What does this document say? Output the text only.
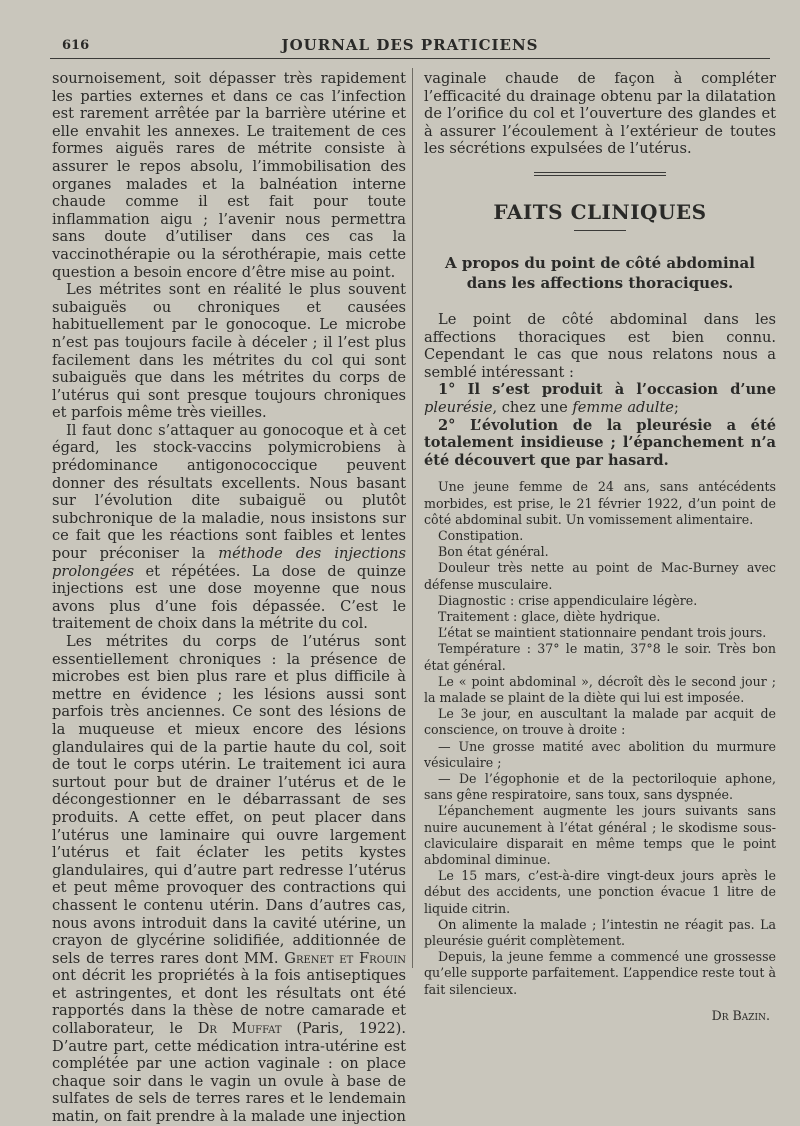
616	JOURNAL DES PRATICIENS

sournoisement, soit dépasser très rapidement les parties externes et dans ce cas l’infection est rarement arrêtée par la barrière utérine et elle envahit les annexes. Le traitement de ces formes aiguës rares de métrite consiste à assurer le repos absolu, l’immobilisation des organes malades et la balnéation interne chaude comme il est fait pour toute inflammation aigu ; l’avenir nous permettra sans doute d’utiliser dans ces cas la vaccinothérapie ou la sérothérapie, mais cette question a besoin encore d’être mise au point.

Les métrites sont en réalité le plus souvent subaiguës ou chroniques et causées habituellement par le gonocoque. Le microbe n’est pas toujours facile à déceler ; il l’est plus facilement dans les métrites du col qui sont subaiguës que dans les métrites du corps de l’utérus qui sont presque toujours chroniques et parfois même très vieilles.

Il faut donc s’attaquer au gonocoque et à cet égard, les stock-vaccins polymicrobiens à prédominance antigonococcique peuvent donner des résultats excellents. Nous basant sur l’évolution dite subaiguë ou plutôt subchronique de la maladie, nous insistons sur ce fait que les réactions sont faibles et lentes pour préconiser la méthode des injections prolongées et répétées. La dose de quinze injections est une dose moyenne que nous avons plus d’une fois dépassée. C’est le traitement de choix dans la métrite du col.

Les métrites du corps de l’utérus sont essentiellement chroniques : la présence de microbes est bien plus rare et plus difficile à mettre en évidence ; les lésions aussi sont parfois très anciennes. Ce sont des lésions de la muqueuse et mieux encore des lésions glandulaires qui de la partie haute du col, soit de tout le corps utérin. Le traitement ici aura surtout pour but de drainer l’utérus et de le décongestionner en le débarrassant de ses produits. A cette effet, on peut placer dans l’utérus une laminaire qui ouvre largement l’utérus et fait éclater les petits kystes glandulaires, qui d’autre part redresse l’utérus et peut même provoquer des contractions qui chassent le contenu utérin. Dans d’autres cas, nous avons introduit dans la cavité utérine, un crayon de glycérine solidifiée, additionnée de sels de terres rares dont MM. Grenet et Frouin ont décrit les propriétés à la fois antiseptiques et astringentes, et dont les résultats ont été rapportés dans la thèse de notre camarade et collaborateur, le Dr Muffat (Paris, 1922). D’autre part, cette médication intra-utérine est complétée par une action vaginale : on place chaque soir dans le vagin un ovule à base de sulfates de sels de terres rares et le lendemain matin, on fait prendre à la malade une injection

vaginale chaude de façon à compléter l’efficacité du drainage obtenu par la dilatation de l’orifice du col et l’ouverture des glandes et à assurer l’écoulement à l’extérieur de toutes les sécrétions expulsées de l’utérus.

FAITS CLINIQUES
A propos du point de côté abdominal
dans les affections thoraciques.

Le point de côté abdominal dans les affections thoraciques est bien connu. Cependant le cas que nous relatons nous a semblé intéressant :

1° Il s’est produit à l’occasion d’une pleurésie, chez une femme adulte;

2° L’évolution de la pleurésie a été totalement insidieuse ; l’épanchement n’a été découvert que par hasard.

Une jeune femme de 24 ans, sans antécédents morbides, est prise, le 21 février 1922, d’un point de côté abdominal subit. Un vomissement alimentaire.

Constipation.

Bon état général.

Douleur très nette au point de Mac-Burney avec défense musculaire.

Diagnostic : crise appendiculaire légère.

Traitement : glace, diète hydrique.

L’état se maintient stationnaire pendant trois jours.

Température : 37° le matin, 37°8 le soir. Très bon état général.

Le « point abdominal », décroît dès le second jour ; la malade se plaint de la diète qui lui est imposée.

Le 3e jour, en auscultant la malade par acquit de conscience, on trouve à droite :

— Une grosse matité avec abolition du murmure vésiculaire ;

— De l’égophonie et de la pectoriloquie aphone, sans gêne respiratoire, sans toux, sans dyspnée.

L’épanchement augmente les jours suivants sans nuire aucunement à l’état général ; le skodisme sous-claviculaire disparait en même temps que le point abdominal diminue.

Le 15 mars, c’est-à-dire vingt-deux jours après le début des accidents, une ponction évacue 1 litre de liquide citrin.

On alimente la malade ; l’intestin ne réagit pas. La pleurésie guérit complètement.

Depuis, la jeune femme a commencé une grossesse qu’elle supporte parfaitement. L’appendice reste tout à fait silencieux.

Dr Bazin.
